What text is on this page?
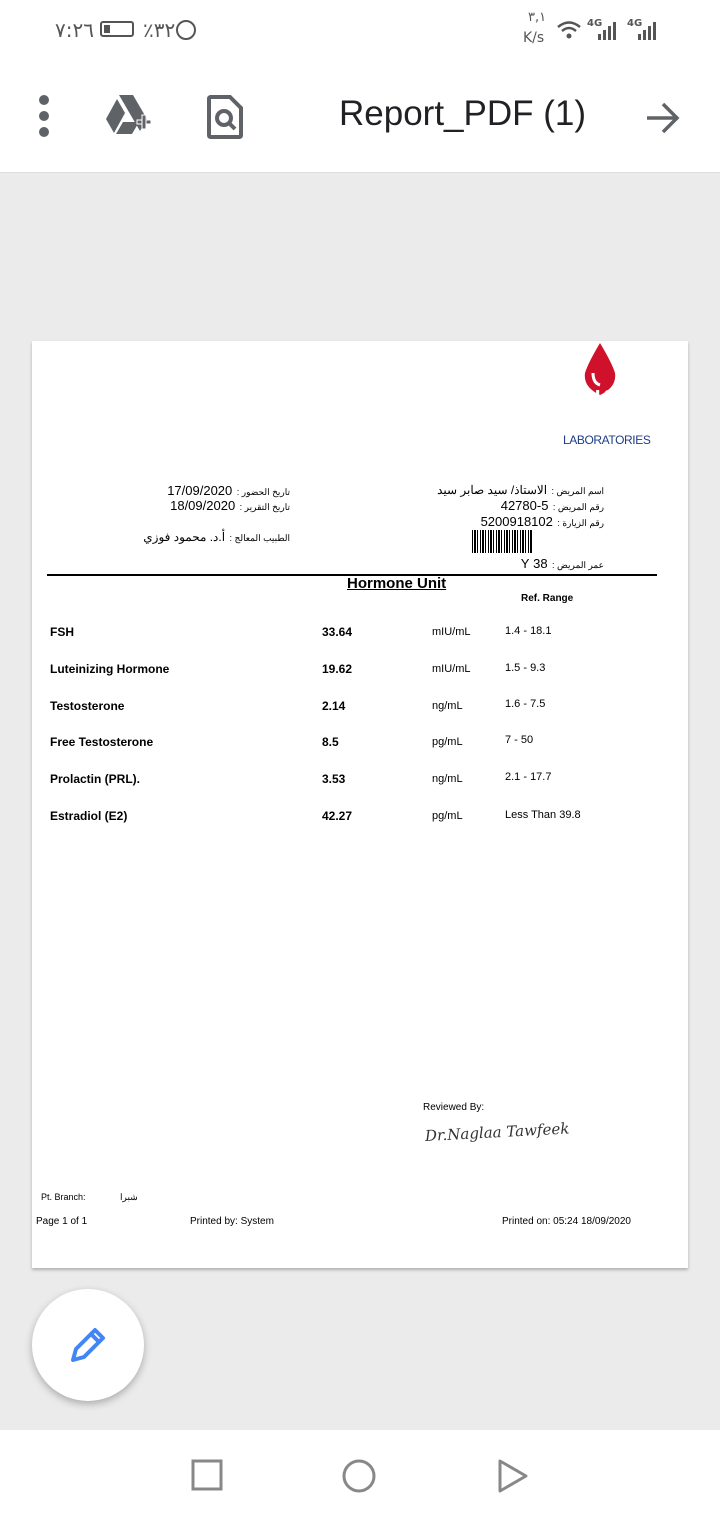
٧:٢٦ ٪٣٢
٣,١
K/s
4G 4G
Report_PDF (1)
alfa
LABORATORIES
اسم المريض : الاستاذ/ سيد صابر سيد
رقم المريض : 5-42780
رقم الزيارة : 5200918102
عمر المريض : 38 Y
تاريخ الحضور : 17/09/2020
تاريخ التقرير : 18/09/2020
الطبيب المعالج : أ.د. محمود فوزي
Hormone Unit
Ref. Range
FSH	33.64	mIU/mL	1.4 - 18.1
Luteinizing Hormone	19.62	mIU/mL	1.5 - 9.3
Testosterone	2.14	ng/mL	1.6 - 7.5
Free Testosterone	8.5	pg/mL	7 - 50
Prolactin (PRL).	3.53	ng/mL	2.1 - 17.7
Estradiol (E2)	42.27	pg/mL	Less Than 39.8
Reviewed By:
Dr.Naglaa Tawfeek
Pt. Branch:	شبرا
Page 1 of 1	Printed by: System	Printed on: 05:24 18/09/2020
